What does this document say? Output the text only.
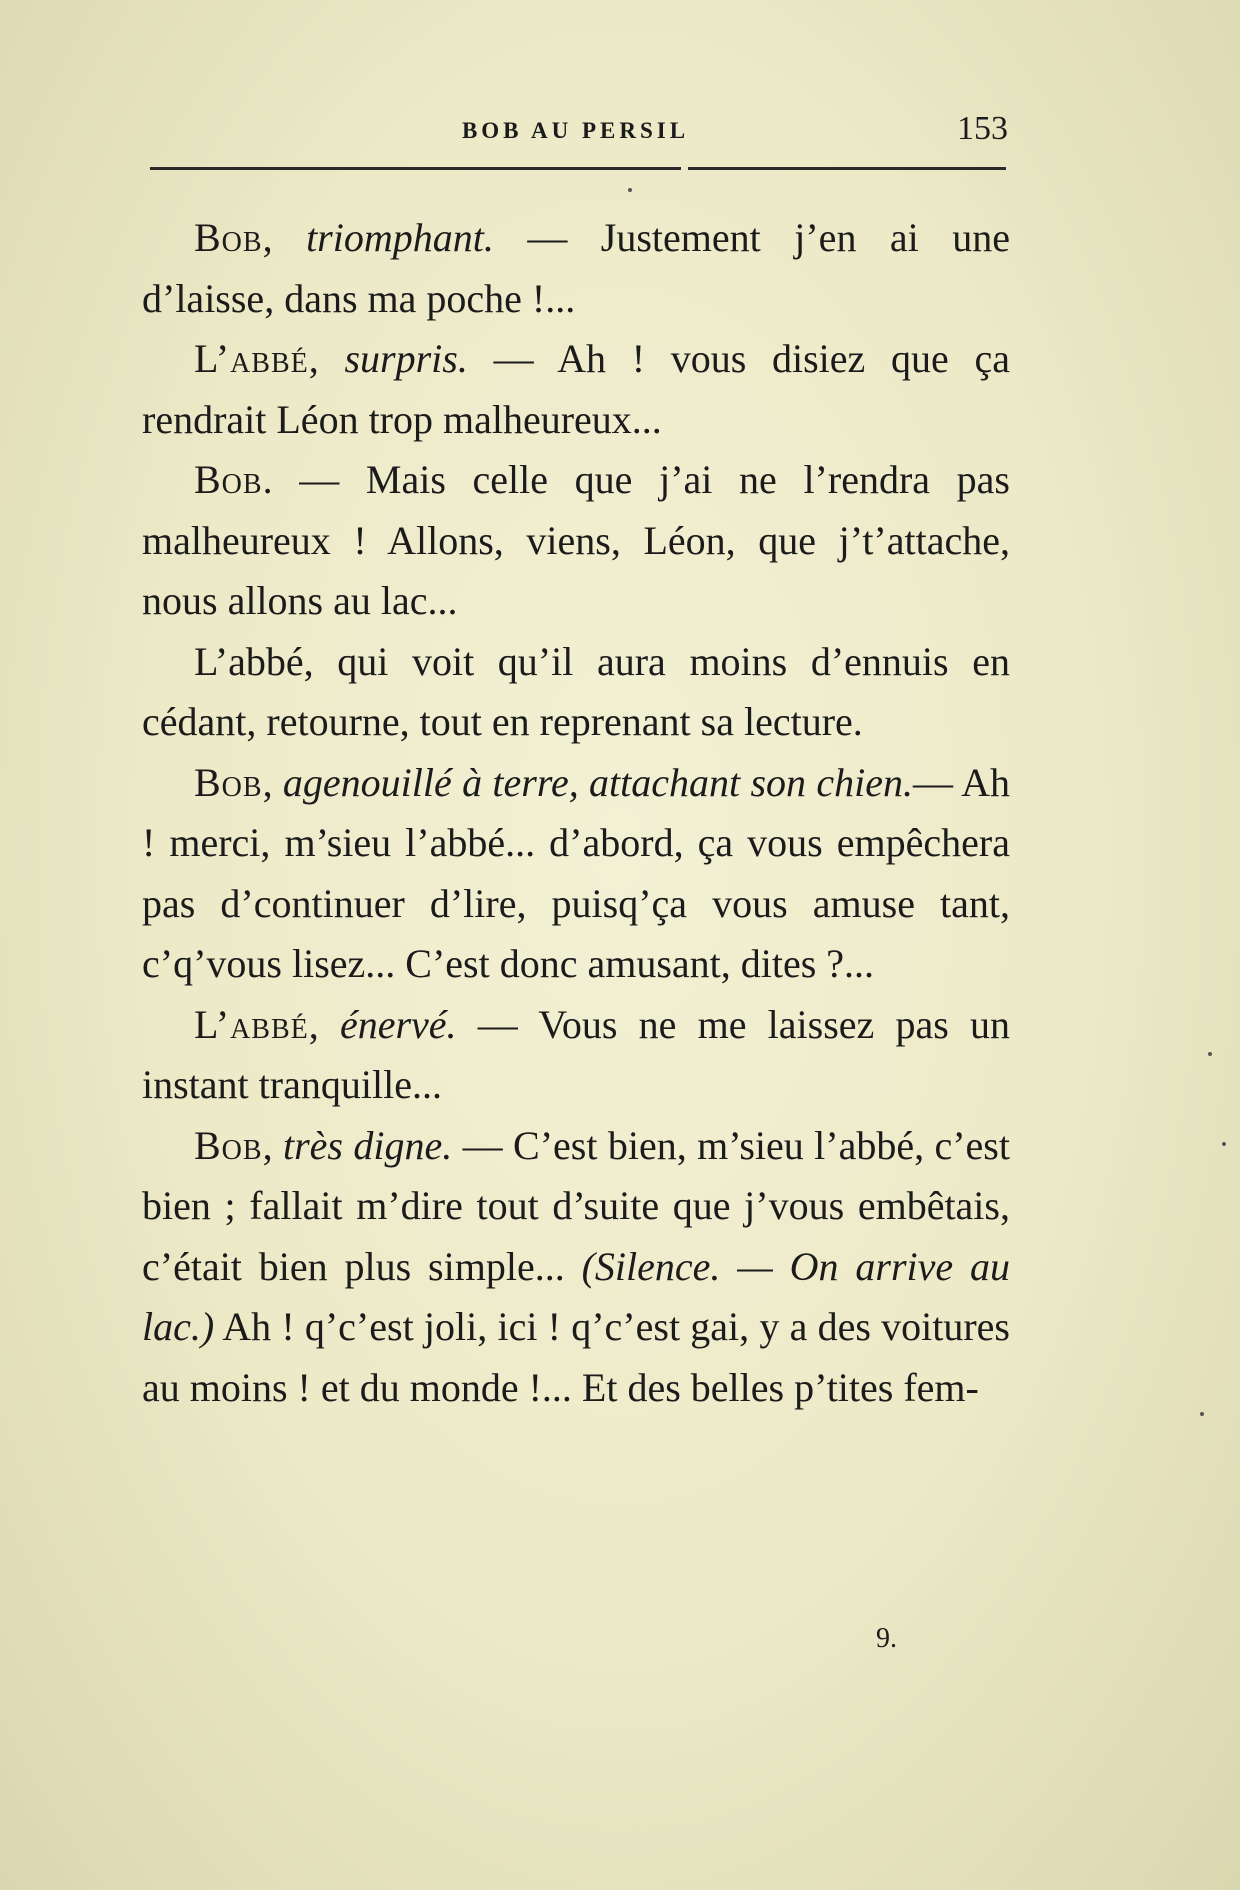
BOB AU PERSIL	153

Bob, triomphant. — Justement j’en ai une d’laisse, dans ma poche !...

L’abbé, surpris. — Ah ! vous disiez que ça rendrait Léon trop malheureux...

Bob. — Mais celle que j’ai ne l’rendra pas malheureux ! Allons, viens, Léon, que j’t’attache, nous allons au lac...

L’abbé, qui voit qu’il aura moins d’ennuis en cédant, retourne, tout en reprenant sa lecture.

Bob, agenouillé à terre, attachant son chien.— Ah ! merci, m’sieu l’abbé... d’abord, ça vous empêchera pas d’continuer d’lire, puisq’ça vous amuse tant, c’q’vous lisez... C’est donc amusant, dites ?...

L’abbé, énervé. — Vous ne me laissez pas un instant tranquille...

Bob, très digne. — C’est bien, m’sieu l’abbé, c’est bien ; fallait m’dire tout d’suite que j’vous embêtais, c’était bien plus simple... (Silence. — On arrive au lac.) Ah ! q’c’est joli, ici ! q’c’est gai, y a des voitures au moins ! et du monde !... Et des belles p’tites fem-

9.
